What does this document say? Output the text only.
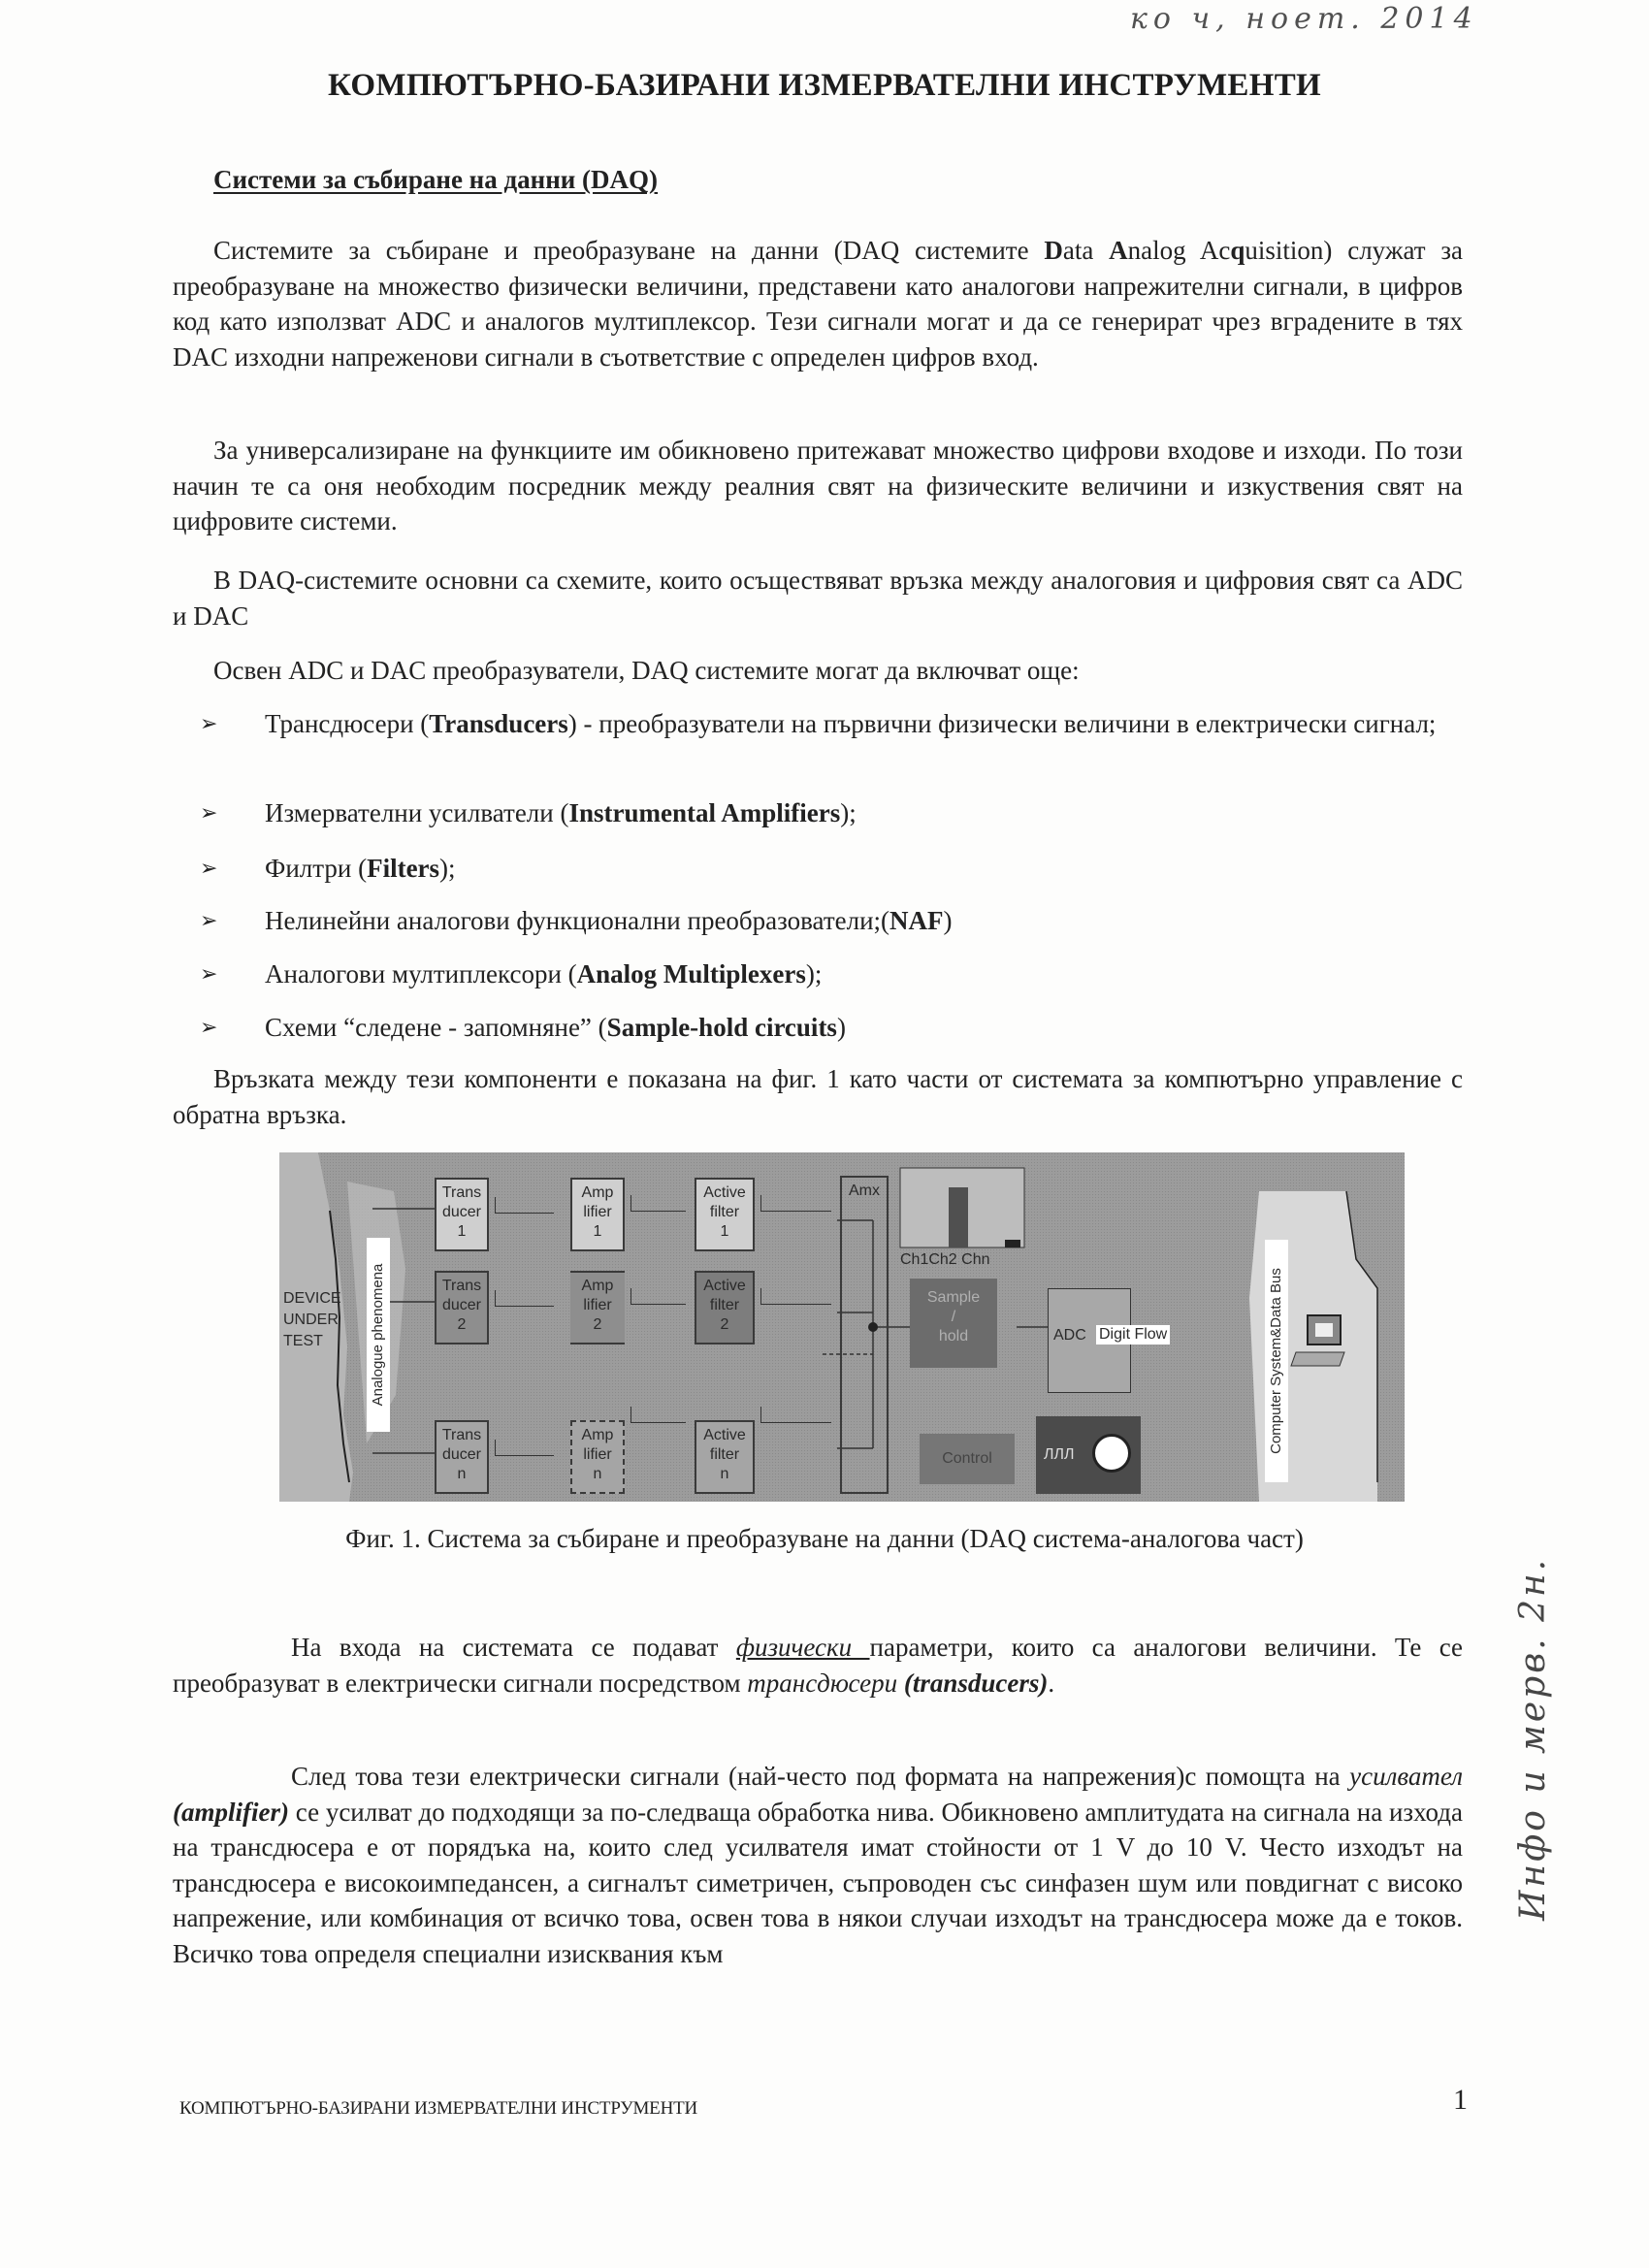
ко ч, ноет. 2014
Инфо и мерв. 2н.
КОМПЮТЪРНО-БАЗИРАНИ ИЗМЕРВАТЕЛНИ ИНСТРУМЕНТИ
Системи за събиране на данни (DAQ)
Системите за събиране и преобразуване на данни (DAQ системите Data Analog Acquisition) служат за преобразуване на множество физически величини, представени като аналогови напрежителни сигнали, в цифров код като използват ADC и аналогов мултиплексор. Тези сигнали могат и да се генерират чрез вградените в тях DAC изходни напреженови сигнали в съответствие с определен цифров вход.
За универсализиране на функциите им обикновено притежават множество цифрови входове и изходи. По този начин те са оня необходим посредник между реалния свят на физическите величини и изкуствения свят на цифровите системи.
В DAQ-системите основни са схемите, които осъществяват връзка между аналоговия и цифровия свят са ADC и DAC
Освен ADC и DAC преобразуватели, DAQ системите могат да включват още:
➢ Трансдюсери (Transducers) - преобразуватели на първични физически величини в електрически сигнал;
➢ Измервателни усилватели (Instrumental Amplifiers);
➢ Филтри (Filters);
➢ Нелинейни аналогови функционални преобразователи;(NAF)
➢ Аналогови мултиплексори (Analog Multiplexers);
➢ Схеми “следене - запомняне” (Sample-hold circuits)
Връзката между тези компоненти е показана на фиг. 1 като части от системата за компютърно управление с обратна връзка.
DEVICE
UNDER
TEST	Analogue phenomena
Trans
ducer
1
Amp
lifier
1
Active
filter
1
Trans
ducer
2
Amp
lifier
2
Active
filter
2
Trans
ducer
n
Amp
lifier
n
Active
filter
n
Amx
Ch1Ch2 Chn
Sample
/
hold	ADC Digit Flow
Control	ЛЛЛ
Computer System&Data Bus
Фиг. 1. Система за събиране и преобразуване на данни (DAQ система-аналогова част)
На входа на системата се подават физически параметри, които са аналогови величини. Те се преобразуват в електрически сигнали посредством трансдюсери (transducers).
След това тези електрически сигнали (най-често под формата на напрежения)с помощта на усилвател (amplifier) се усилват до подходящи за по-следваща обработка нива. Обикновено амплитудата на сигнала на изхода на трансдюсера е от порядъка на, които след усилвателя имат стойности от 1 V до 10 V. Често изходът на трансдюсера е високоимпедансен, а сигналът симетричен, съпроводен със синфазен шум или повдигнат с високо напрежение, или комбинация от всичко това, освен това в някои случаи изходът на трансдюсера може да е токов. Всичко това определя специални изисквания към
КОМПЮТЪРНО-БАЗИРАНИ ИЗМЕРВАТЕЛНИ ИНСТРУМЕНТИ	1
